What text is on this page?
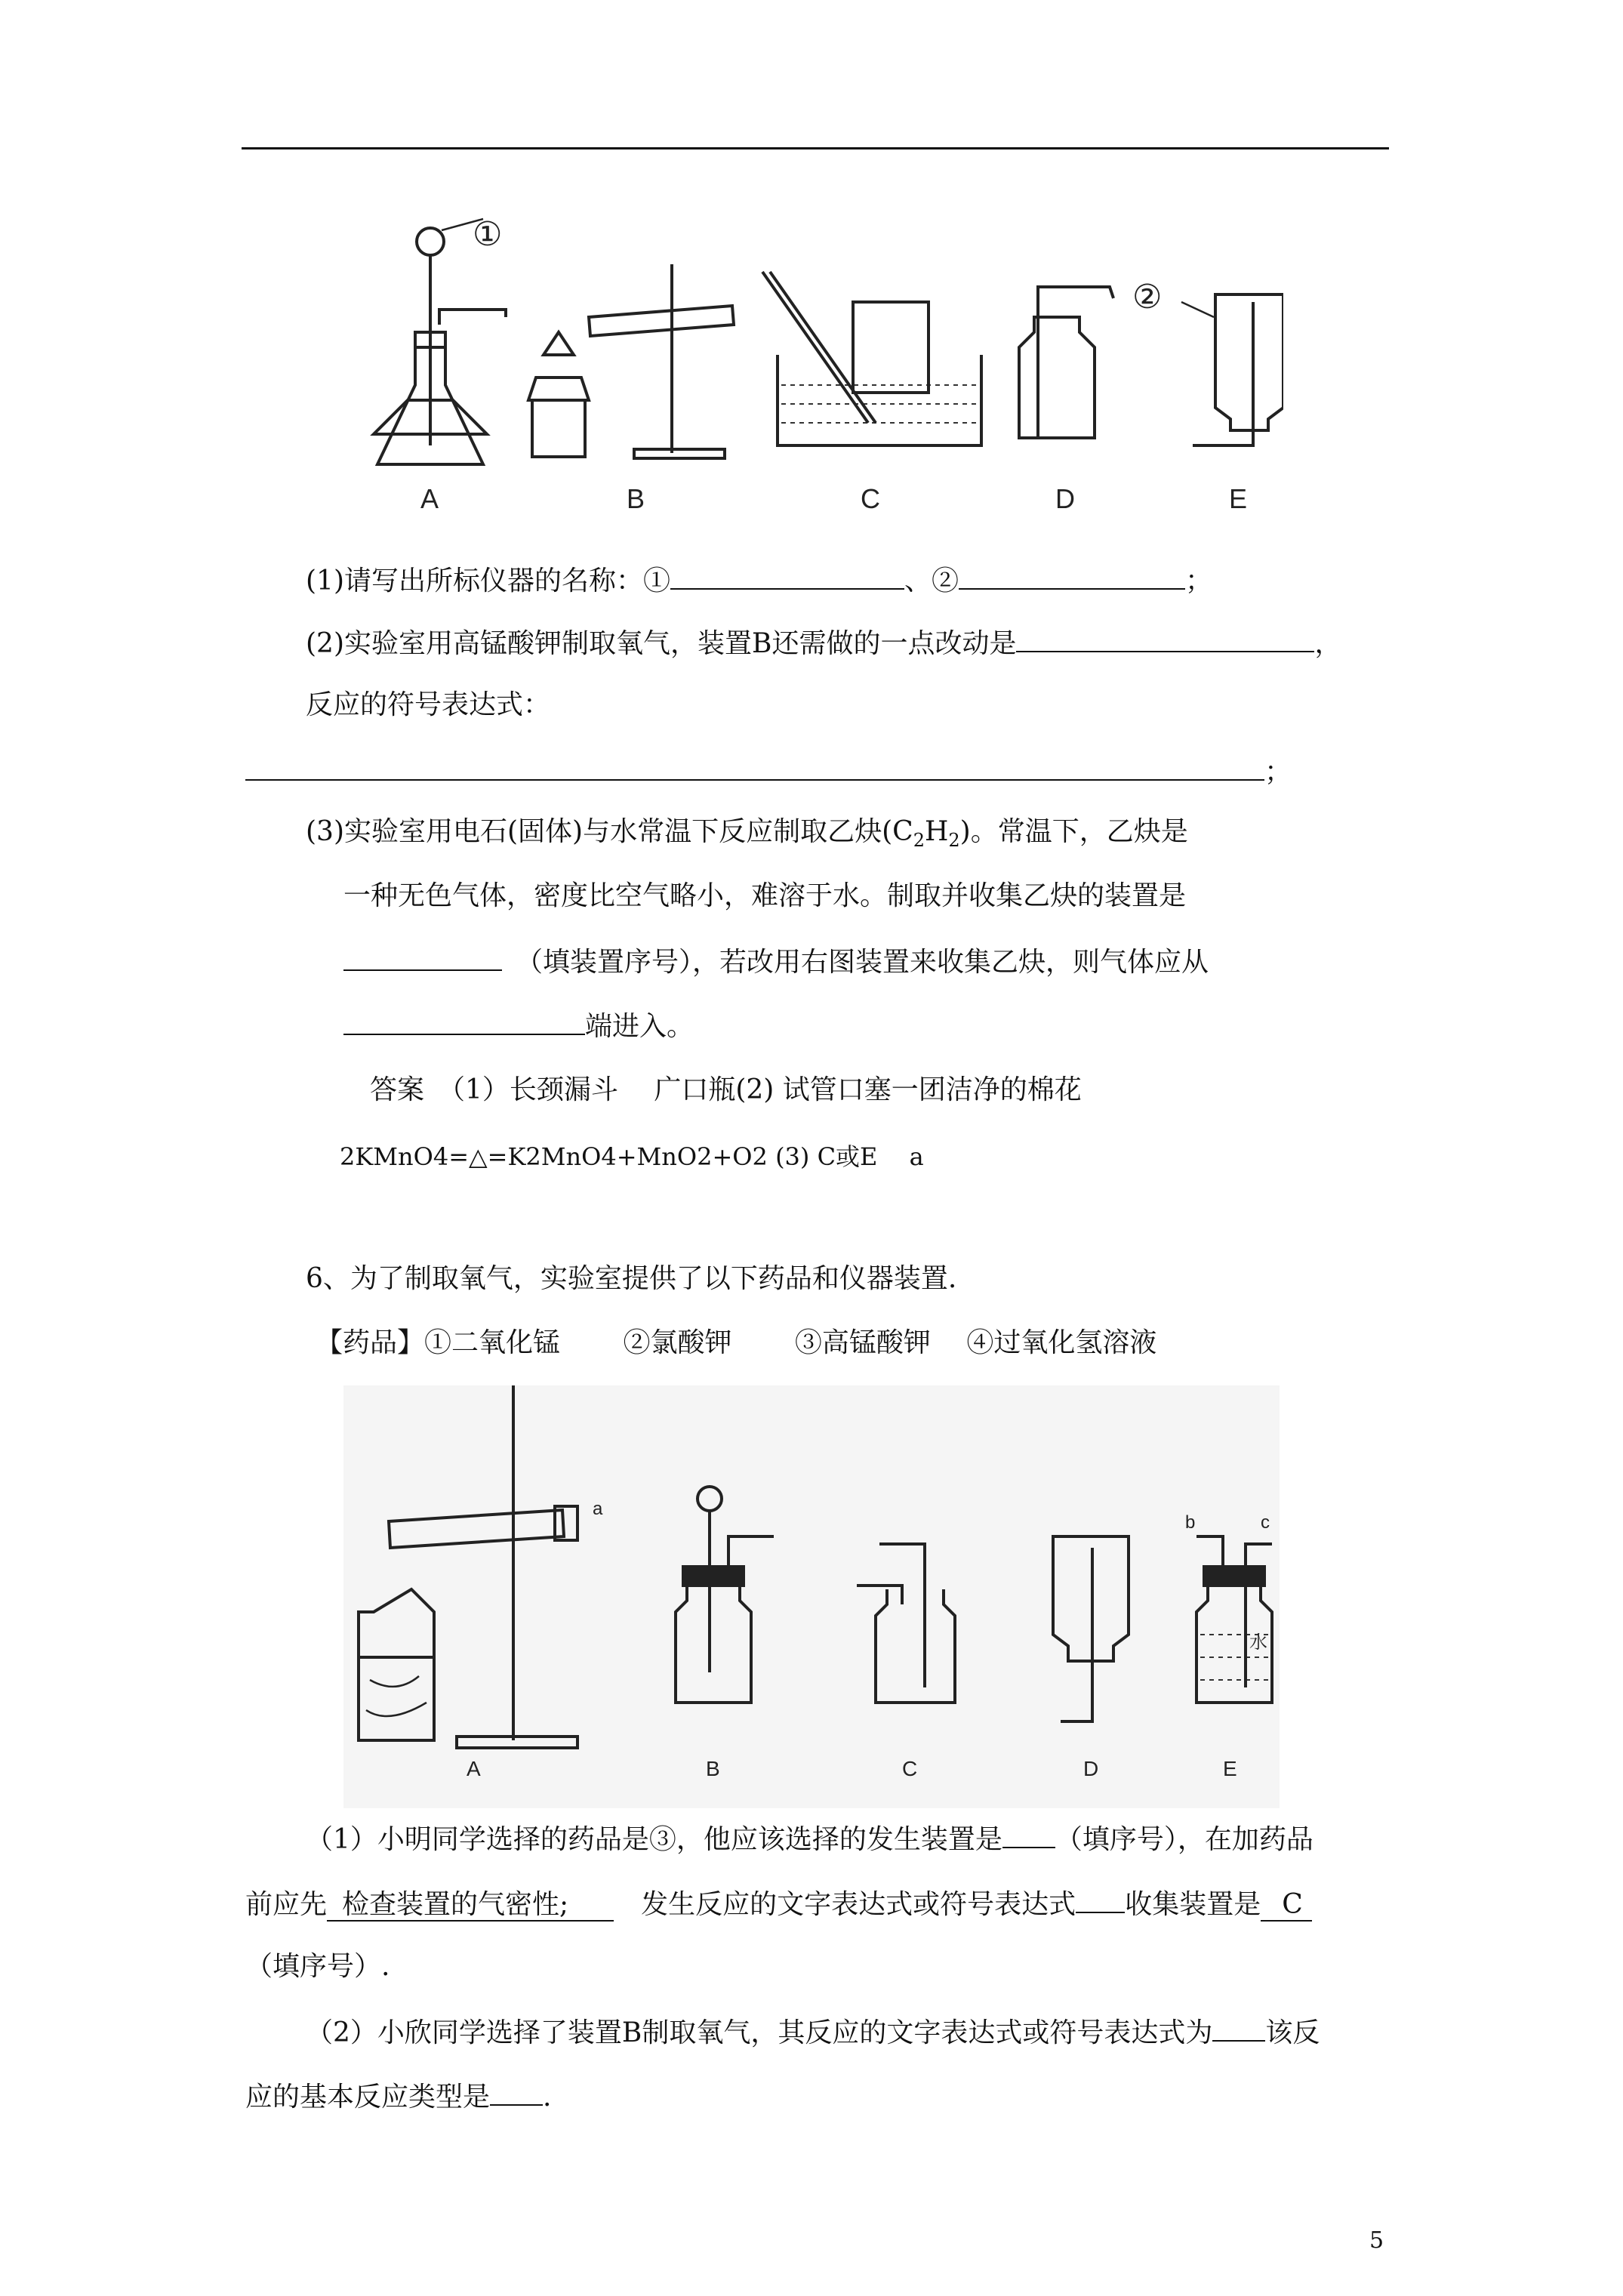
①
②
A	B	C	D	E
(1)请写出所标仪器的名称：①	、②	；
(2)实验室用高锰酸钾制取氧气，装置B还需做的一点改动是	，
反应的符号表达式：
；
(3)实验室用电石(固体)与水常温下反应制取乙炔$(C_2H_2)$。常温下，乙炔是
一种无色气体，密度比空气略小，难溶于水。制取并收集乙炔的装置是
　（填装置序号），若改用右图装置来收集乙炔，则气体应从
端进入。
答案　（1）长颈漏斗　 广口瓶(2) 试管口塞一团洁净的棉花
2KMnO4=△=K2MnO4+MnO2+O2 (3) C或E　 a
6、为了制取氧气，实验室提供了以下药品和仪器装置.
【药品】①二氧化锰　　 ②氯酸钾　　 ③高锰酸钾　 ④过氧化氢溶液
a
b	c
水
A	B	C	D	E
（1）小明同学选择的药品是③，他应该选择的发生装置是 （填序号），在加药品
前应先 检查装置的气密性;　	发生反应的文字表达式或符号表达式 收集装置是 C
（填序号）.
（2）小欣同学选择了装置B制取氧气，其反应的文字表达式或符号表达式为 该反
应的基本反应类型是 .
5
